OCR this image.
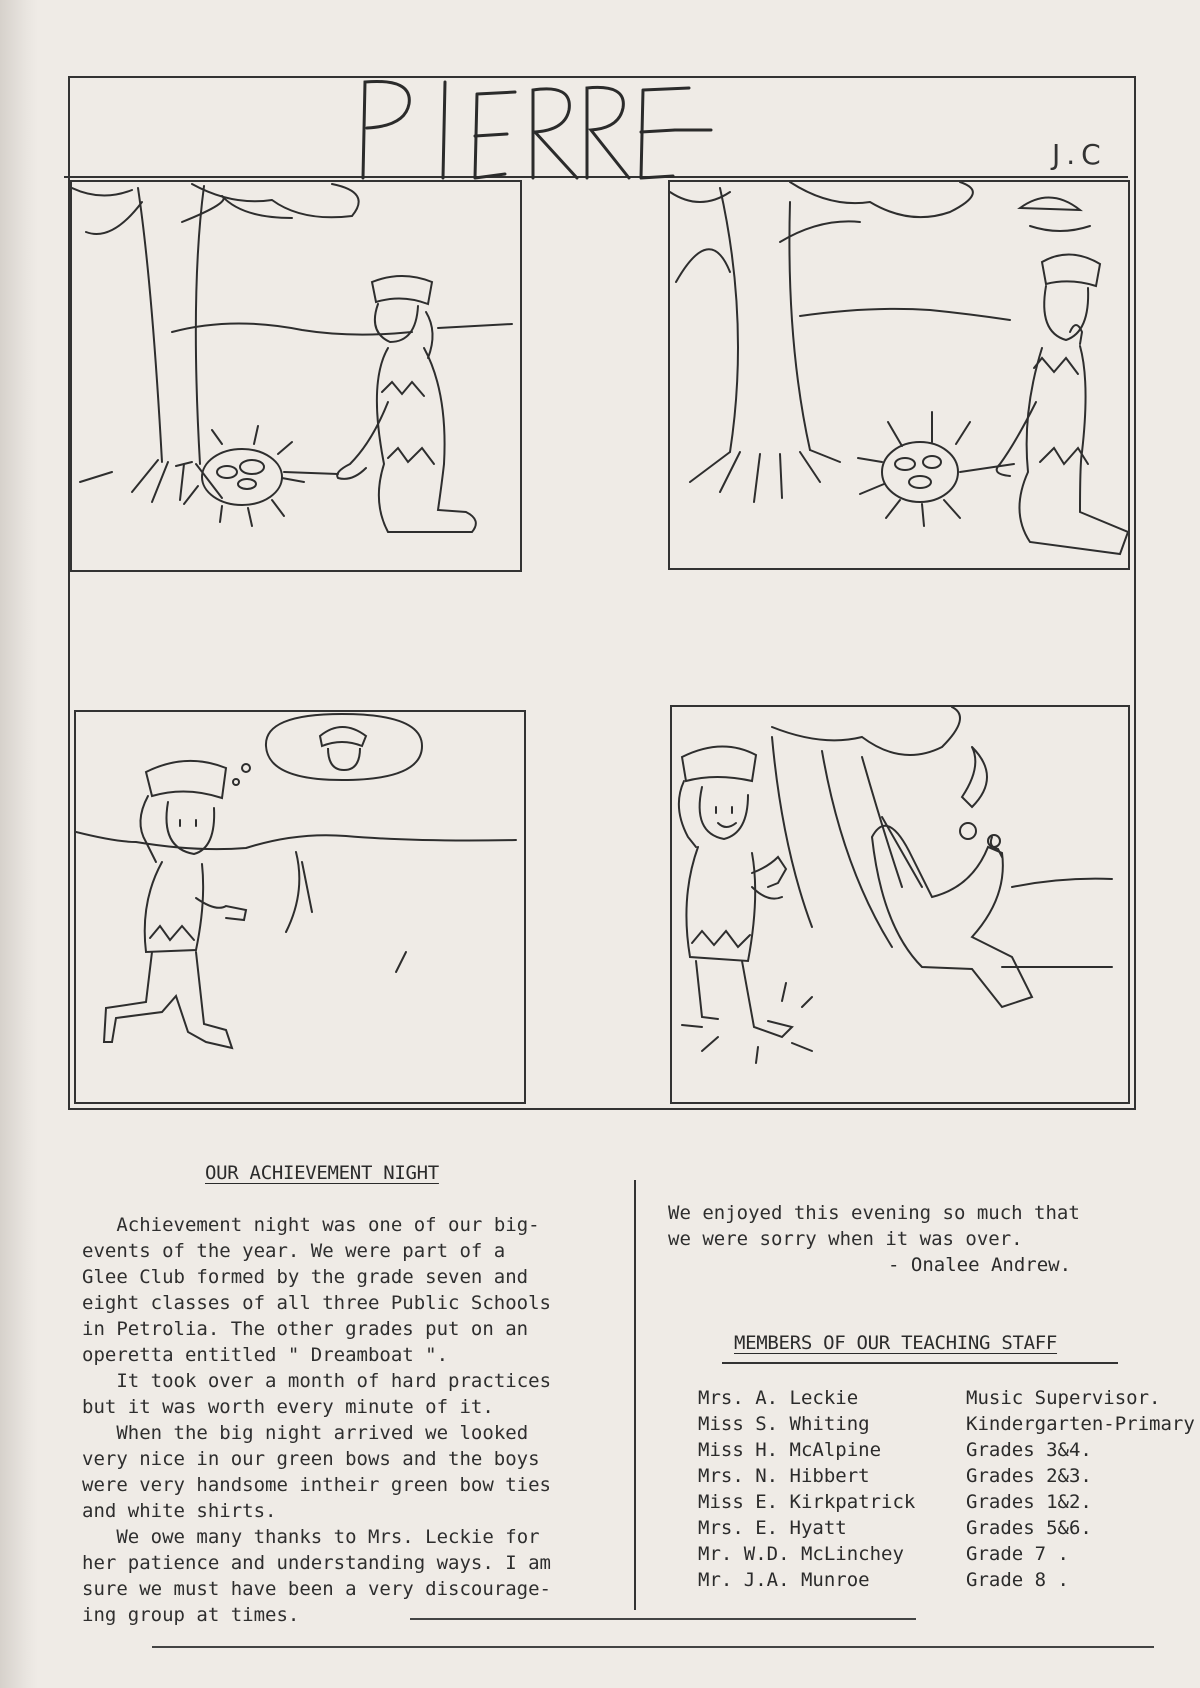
J.C
OUR ACHIEVEMENT NIGHT

Achievement night was one of our big-
events of the year. We were part of a
Glee Club formed by the grade seven and
eight classes of all three Public Schools
in Petrolia. The other grades put on an
operetta entitled " Dreamboat ".

It took over a month of hard practices
but it was worth every minute of it.

When the big night arrived we looked
very nice in our green bows and the boys
were very handsome intheir green bow ties
and white shirts.

We owe many thanks to Mrs. Leckie for
her patience and understanding ways. I am
sure we must have been a very discourage-
ing group at times.

We enjoyed this evening so much that
we were sorry when it was over.

- Onalee Andrew.
MEMBERS OF OUR TEACHING STAFF
Mrs. A. Leckie	Music Supervisor.
Miss S. Whiting	Kindergarten-Primary
Miss H. McAlpine	Grades 3&4.
Mrs. N. Hibbert	Grades 2&3.
Miss E. Kirkpatrick	Grades 1&2.
Mrs. E. Hyatt	Grades 5&6.
Mr. W.D. McLinchey	Grade 7 .
Mr. J.A. Munroe	Grade 8 .
